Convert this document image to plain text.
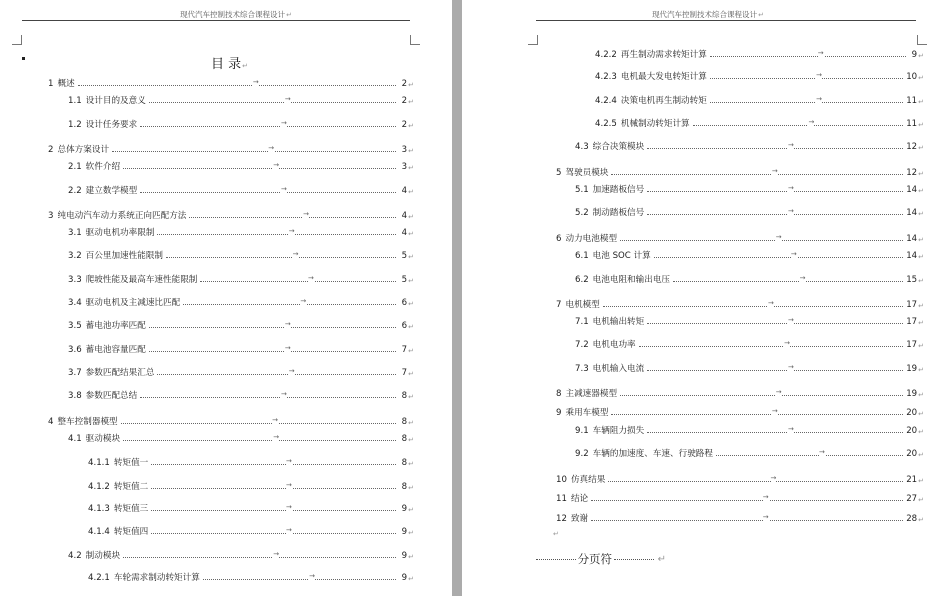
现代汽车控制技术综合课程设计↵
目 录↵
1 概述	→	2 ↵
1.1 设计目的及意义	→	2 ↵
1.2 设计任务要求	→	2 ↵
2 总体方案设计	→	3 ↵
2.1 软件介绍	→	3 ↵
2.2 建立数学模型	→	4 ↵
3 纯电动汽车动力系统正向匹配方法	→	4 ↵
3.1 驱动电机功率限制	→	4 ↵
3.2 百公里加速性能限制	→	5 ↵
3.3 爬坡性能及最高车速性能限制	→	5 ↵
3.4 驱动电机及主减速比匹配	→	6 ↵
3.5 蓄电池功率匹配	→	6 ↵
3.6 蓄电池容量匹配	→	7 ↵
3.7 参数匹配结果汇总	→	7 ↵
3.8 参数匹配总结	→	8 ↵
4 整车控制器模型	→	8 ↵
4.1 驱动模块	→	8 ↵
4.1.1 转矩值一	→	8 ↵
4.1.2 转矩值二	→	8 ↵
4.1.3 转矩值三	→	9 ↵
4.1.4 转矩值四	→	9 ↵
4.2 制动模块	→	9 ↵
4.2.1 车轮需求制动转矩计算	→	9 ↵
现代汽车控制技术综合课程设计↵
4.2.2 再生制动需求转矩计算	→	9 ↵
4.2.3 电机最大发电转矩计算	→	10 ↵
4.2.4 决策电机再生制动转矩	→	11 ↵
4.2.5 机械制动转矩计算	→	11 ↵
4.3 综合决策模块	→	12 ↵
5 驾驶员模块	→	12 ↵
5.1 加速踏板信号	→	14 ↵
5.2 制动踏板信号	→	14 ↵
6 动力电池模型	→	14 ↵
6.1 电池 SOC 计算	→	14 ↵
6.2 电池电阻和输出电压	→	15 ↵
7 电机模型	→	17 ↵
7.1 电机输出转矩	→	17 ↵
7.2 电机电功率	→	17 ↵
7.3 电机输入电流	→	19 ↵
8 主减速器模型	→	19 ↵
9 乘用车模型	→	20 ↵
9.1 车辆阻力损失	→	20 ↵
9.2 车辆的加速度、车速、行驶路程	→	20 ↵
10 仿真结果	→	21 ↵
11 结论	→	27 ↵
12 致谢	→	28 ↵
↵
分页符	↵
